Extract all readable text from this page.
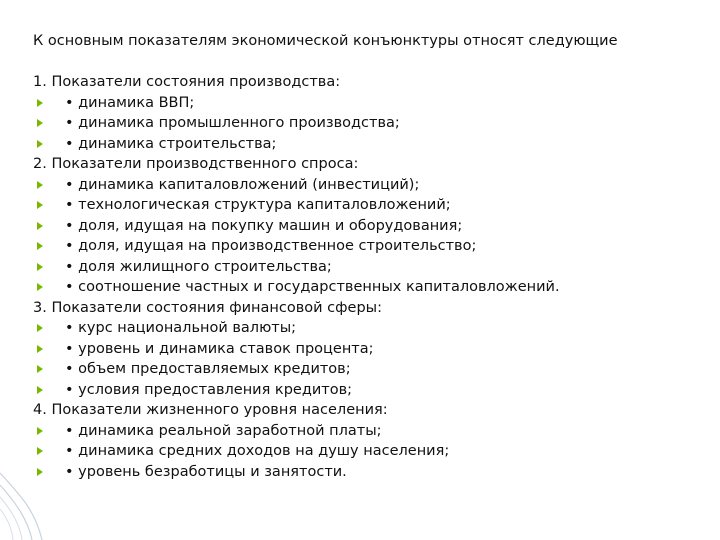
К основным показателям экономической конъюнктуры относят следующие
1. Показатели состояния производства:
• динамика ВВП;
• динамика промышленного производства;
• динамика строительства;
2. Показатели производственного спроса:
• динамика капиталовложений (инвестиций);
• технологическая структура капиталовложений;
• доля, идущая на покупку машин и оборудования;
• доля, идущая на производственное строительство;
• доля жилищного строительства;
• соотношение частных и государственных капиталовложений.
3. Показатели состояния финансовой сферы:
• курс национальной валюты;
• уровень и динамика ставок процента;
• объем предоставляемых кредитов;
• условия предоставления кредитов;
4. Показатели жизненного уровня населения:
• динамика реальной заработной платы;
• динамика средних доходов на душу населения;
• уровень безработицы и занятости.
